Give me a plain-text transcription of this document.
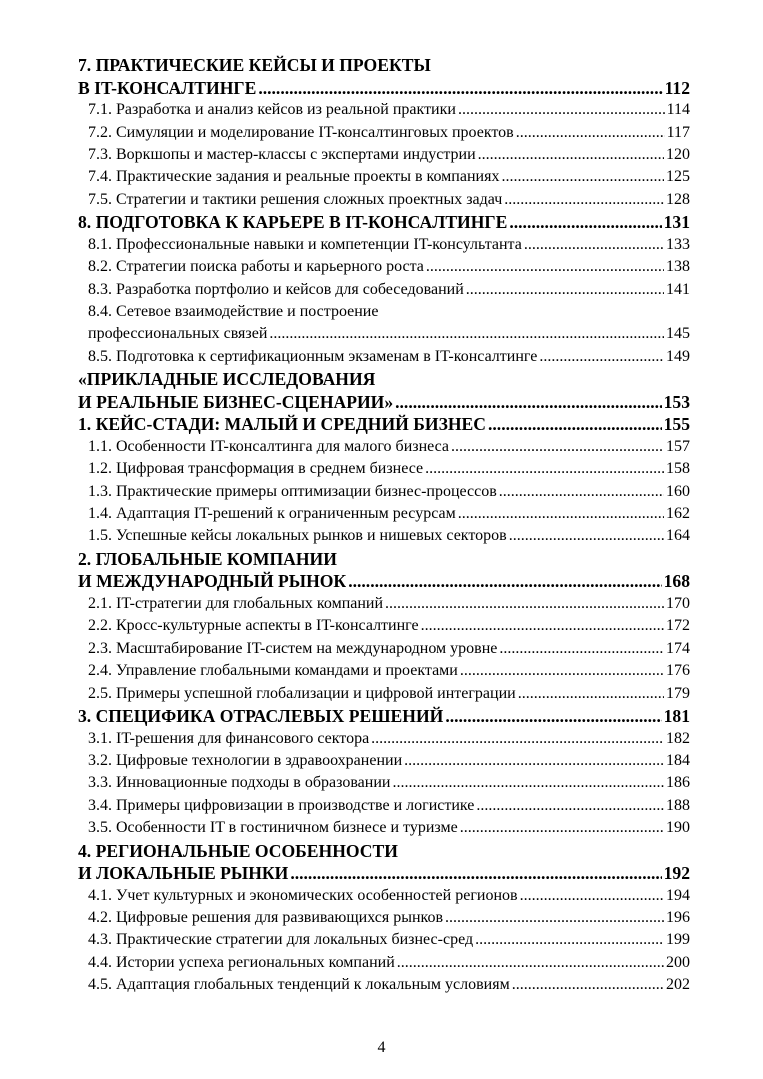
7. ПРАКТИЧЕСКИЕ КЕЙСЫ И ПРОЕКТЫ
В IT-КОНСАЛТИНГЕ .....	112
7.1. Разработка и анализ кейсов из реальной практики .....	114
7.2. Симуляции и моделирование IT-консалтинговых проектов .....	117
7.3. Воркшопы и мастер-классы с экспертами индустрии .....	120
7.4. Практические задания и реальные проекты в компаниях .....	125
7.5. Стратегии и тактики решения сложных проектных задач .....	128
8. ПОДГОТОВКА К КАРЬЕРЕ В IT-КОНСАЛТИНГЕ .....	131
8.1. Профессиональные навыки и компетенции IT-консультанта .....	133
8.2. Стратегии поиска работы и карьерного роста .....	138
8.3. Разработка портфолио и кейсов для собеседований .....	141
8.4. Сетевое взаимодействие и построение
профессиональных связей .....	145
8.5. Подготовка к сертификационным экзаменам в IT-консалтинге .....	149
«ПРИКЛАДНЫЕ ИССЛЕДОВАНИЯ
И РЕАЛЬНЫЕ БИЗНЕС-СЦЕНАРИИ» .....	153
1. КЕЙС-СТАДИ: МАЛЫЙ И СРЕДНИЙ БИЗНЕС .....	155
1.1. Особенности IT-консалтинга для малого бизнеса .....	157
1.2. Цифровая трансформация в среднем бизнесе .....	158
1.3. Практические примеры оптимизации бизнес-процессов .....	160
1.4. Адаптация IT-решений к ограниченным ресурсам .....	162
1.5. Успешные кейсы локальных рынков и нишевых секторов .....	164
2. ГЛОБАЛЬНЫЕ КОМПАНИИ
И МЕЖДУНАРОДНЫЙ РЫНОК .....	168
2.1. IT-стратегии для глобальных компаний .....	170
2.2. Кросс-культурные аспекты в IT-консалтинге .....	172
2.3. Масштабирование IT-систем на международном уровне .....	174
2.4. Управление глобальными командами и проектами .....	176
2.5. Примеры успешной глобализации и цифровой интеграции .....	179
3. СПЕЦИФИКА ОТРАСЛЕВЫХ РЕШЕНИЙ .....	181
3.1. IT-решения для финансового сектора .....	182
3.2. Цифровые технологии в здравоохранении .....	184
3.3. Инновационные подходы в образовании .....	186
3.4. Примеры цифровизации в производстве и логистике .....	188
3.5. Особенности IT в гостиничном бизнесе и туризме .....	190
4. РЕГИОНАЛЬНЫЕ ОСОБЕННОСТИ
И ЛОКАЛЬНЫЕ РЫНКИ .....	192
4.1. Учет культурных и экономических особенностей регионов .....	194
4.2. Цифровые решения для развивающихся рынков .....	196
4.3. Практические стратегии для локальных бизнес-сред .....	199
4.4. Истории успеха региональных компаний .....	200
4.5. Адаптация глобальных тенденций к локальным условиям .....	202
4
